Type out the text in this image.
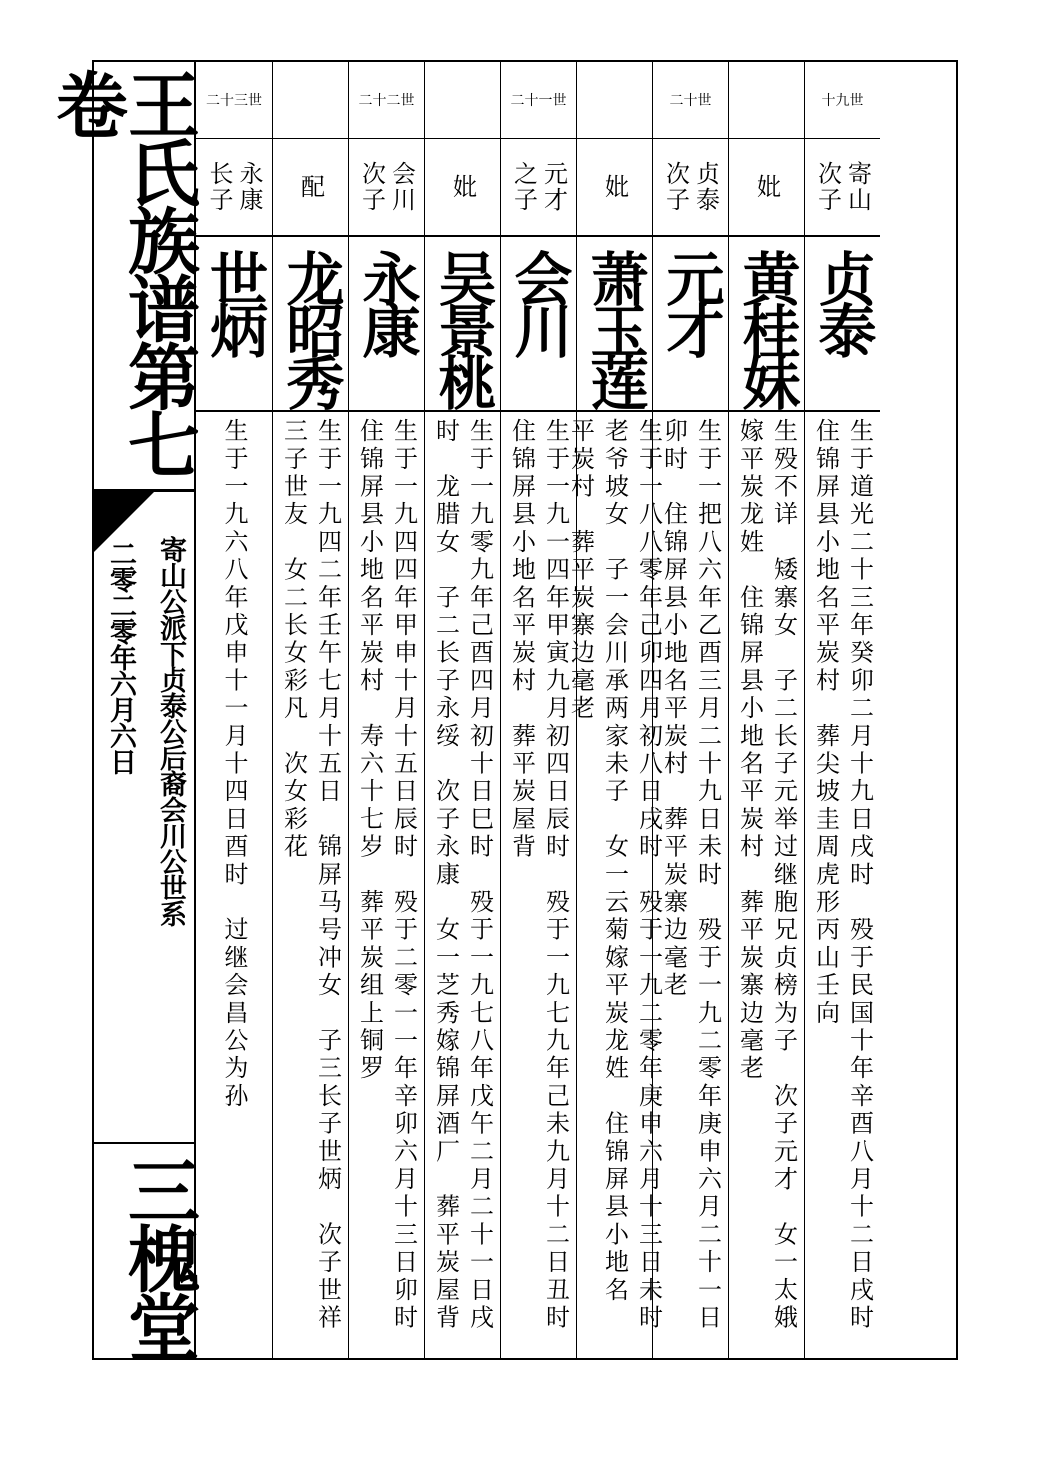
王氏族谱第七卷
寄山公派下贞泰公后裔会川公世系
二零二零年六月六日
三槐堂
十九世
寄山
次子
贞泰
生于道光二十三年癸卯二月十九日戌时　殁于民国十年辛酉八月十二日戌时
住锦屏县小地名平炭村　葬尖坡圭周虎形丙山壬向
妣
黄桂妹
生殁不详　矮寨女　子二长子元举过继胞兄贞榜为子　次子元才　女一太娥
嫁平炭龙姓　住锦屏县小地名平炭村　葬平炭寨边毫老
二十世
贞泰
次子
元才
生于一把八六年乙酉三月二十九日未时　殁于一九二零年庚申六月二十一日
卯时　住锦屏县小地名平炭村　葬平炭寨边毫老
妣
萧玉莲
生于一八八零年己卯四月初八日戌时　殁于一九二零年庚申六月十三日未时
老爷坡女　子一会川承两家未子　女一云菊嫁平炭龙姓　住锦屏县小地名
平炭村　葬平炭寨边毫老
二十一世
元才
之子
会川
生于一九一四年甲寅九月初四日辰时　殁于一九七九年己未九月十二日丑时
住锦屏县小地名平炭村　葬平炭屋背
妣
吴景桃
生于一九零九年己酉四月初十日巳时　殁于一九七八年戊午二月二十一日戌
时　龙腊女　子二长子永绥　次子永康　女一芝秀嫁锦屏酒厂　葬平炭屋背
二十二世
会川
次子
永康
生于一九四四年甲申十月十五日辰时　殁于二零一一年辛卯六月十三日卯时
住锦屏县小地名平炭村　寿六十七岁　葬平炭组上铜罗
配
龙昭秀
生于一九四二年壬午七月十五日　锦屏马号冲女　子三长子世炳　次子世祥
三子世友　女二长女彩凡　次女彩花
二十三世
永康
长子
世炳
生于一九六八年戊申十一月十四日酉时　过继会昌公为孙
